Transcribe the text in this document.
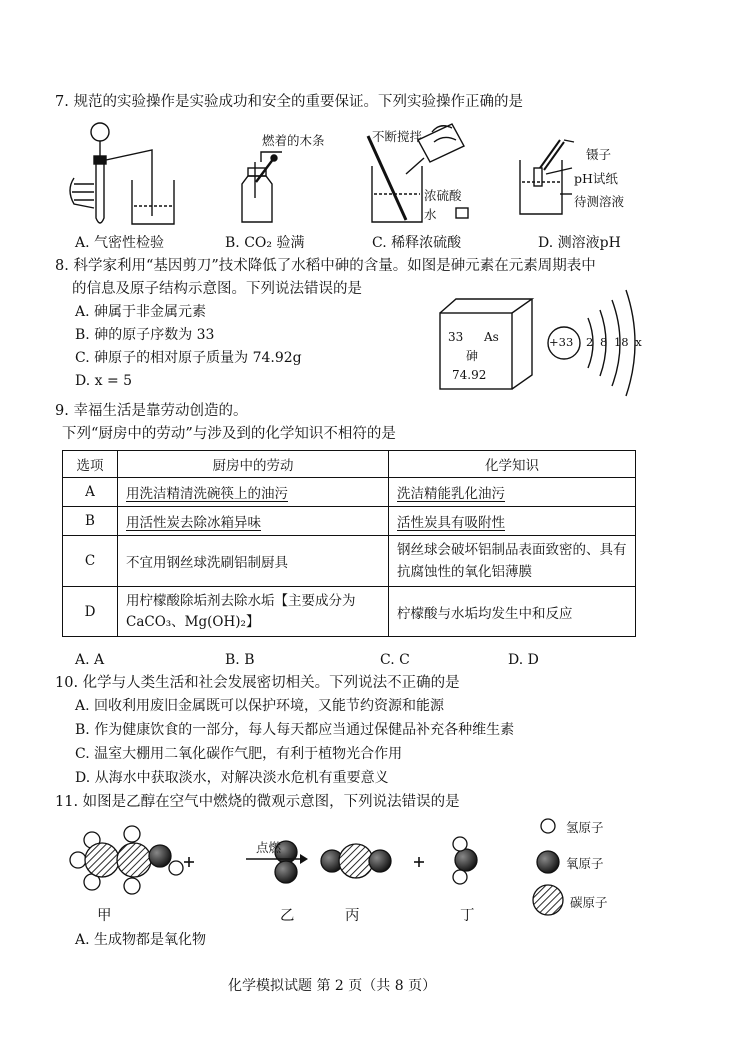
7. 规范的实验操作是实验成功和安全的重要保证。下列实验操作正确的是
燃着的木条	不断搅拌
浓硫酸
水
镊子
pH试纸
待测溶液
A. 气密性检验	B. CO₂ 验满	C. 稀释浓硫酸	D. 测溶液pH
8. 科学家利用“基因剪刀”技术降低了水稻中砷的含量。如图是砷元素在元素周期表中
的信息及原子结构示意图。下列说法错误的是
A. 砷属于非金属元素
B. 砷的原子序数为 33
C. 砷原子的相对原子质量为 74.92g
D. x = 5
33 As
砷
74.92
+33 2 8 18 x
9. 幸福生活是靠劳动创造的。
下列“厨房中的劳动”与涉及到的化学知识不相符的是
选项	厨房中的劳动	化学知识
A	用洗洁精清洗碗筷上的油污	洗洁精能乳化油污
B	用活性炭去除冰箱异味	活性炭具有吸附性
C	不宜用钢丝球洗刷铝制厨具	钢丝球会破坏铝制品表面致密的、具有抗腐蚀性的氧化铝薄膜
D	用柠檬酸除垢剂去除水垢【主要成分为CaCO₃、Mg(OH)₂】	柠檬酸与水垢均发生中和反应
A. A	B. B	C. C	D. D
10. 化学与人类生活和社会发展密切相关。下列说法不正确的是
A. 回收利用废旧金属既可以保护环境，又能节约资源和能源
B. 作为健康饮食的一部分，每人每天都应当通过保健品补充各种维生素
C. 温室大棚用二氧化碳作气肥，有利于植物光合作用
D. 从海水中获取淡水，对解决淡水危机有重要意义
11. 如图是乙醇在空气中燃烧的微观示意图，下列说法错误的是
点燃
甲	乙	丙	丁
氢原子
氧原子
碳原子
A. 生成物都是氧化物
化学模拟试题 第 2 页（共 8 页）
